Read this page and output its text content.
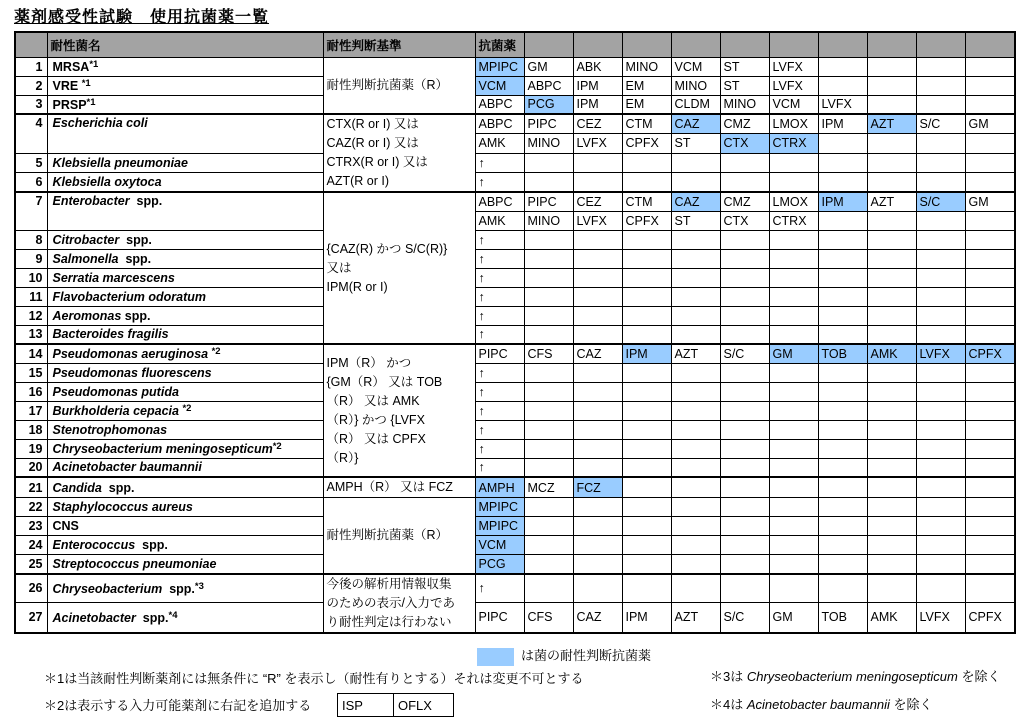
薬剤感受性試験　使用抗菌薬一覧
	耐性菌名	耐性判断基準	抗菌薬										
1	MRSA$^{*1}$	耐性判断抗菌薬（R）	MPIPC	GM	ABK	MINO	VCM	ST	LVFX				
2	VRE $^{*1}$		VCM	ABPC	IPM	EM	MINO	ST	LVFX				
3	PRSP$^{*1}$		ABPC	PCG	IPM	EM	CLDM	MINO	VCM	LVFX			
4	Escherichia coli	CTX(R or I) 又は
CAZ(R or I) 又は
CTRX(R or I) 又は
AZT(R or I)	ABPC	PIPC	CEZ	CTM	CAZ	CMZ	LMOX	IPM	AZT	S/C	GM
			AMK	MINO	LVFX	CPFX	ST	CTX	CTRX				
5	Klebsiella pneumoniae		↑										
6	Klebsiella oxytoca		↑										
7	Enterobacter  spp.	{CAZ(R) かつ S/C(R)}
又は
IPM(R or I)	ABPC	PIPC	CEZ	CTM	CAZ	CMZ	LMOX	IPM	AZT	S/C	GM
			AMK	MINO	LVFX	CPFX	ST	CTX	CTRX				
8	Citrobacter  spp.		↑										
9	Salmonella  spp.		↑										
10	Serratia marcescens		↑										
11	Flavobacterium odoratum		↑										
12	Aeromonas spp.		↑										
13	Bacteroides fragilis		↑										
14	Pseudomonas aeruginosa $^{*2}$	
IPM（R） かつ
{GM（R） 又は TOB
（R） 又は AMK
（R）} かつ {LVFX
（R） 又は CPFX
（R）}
	PIPC	CFS	CAZ	IPM	AZT	S/C	GM	TOB	AMK	LVFX	CPFX
15	Pseudomonas fluorescens		↑										
16	Pseudomonas putida		↑										
17	Burkholderia cepacia $^{*2}$		↑										
18	Stenotrophomonas		↑										
19	Chryseobacterium meningosepticum$^{*2}$		↑										
20	Acinetobacter baumannii		↑										
21	Candida  spp.	AMPH（R） 又は FCZ	AMPH	MCZ	FCZ								
22	Staphylococcus aureus	耐性判断抗菌薬（R）	MPIPC										
23	CNS		MPIPC										
24	Enterococcus  spp.		VCM										
25	Streptococcus pneumoniae		PCG										
26	Chryseobacterium  spp.$^{*3}$	今後の解析用情報収集
のための表示/入力であ
り耐性判定は行わない	↑										
27	Acinetobacter  spp.$^{*4}$		PIPC	CFS	CAZ	IPM	AZT	S/C	GM	TOB	AMK	LVFX	CPFX
は菌の耐性判断抗菌薬
＊1は当該耐性判断薬剤には無条件に “R” を表示し（耐性有りとする）それは変更不可とする
＊2は表示する入力可能薬剤に右記を追加する ISP	OFLX
＊3は Chryseobacterium meningosepticum を除く
＊4は Acinetobacter baumannii を除く
